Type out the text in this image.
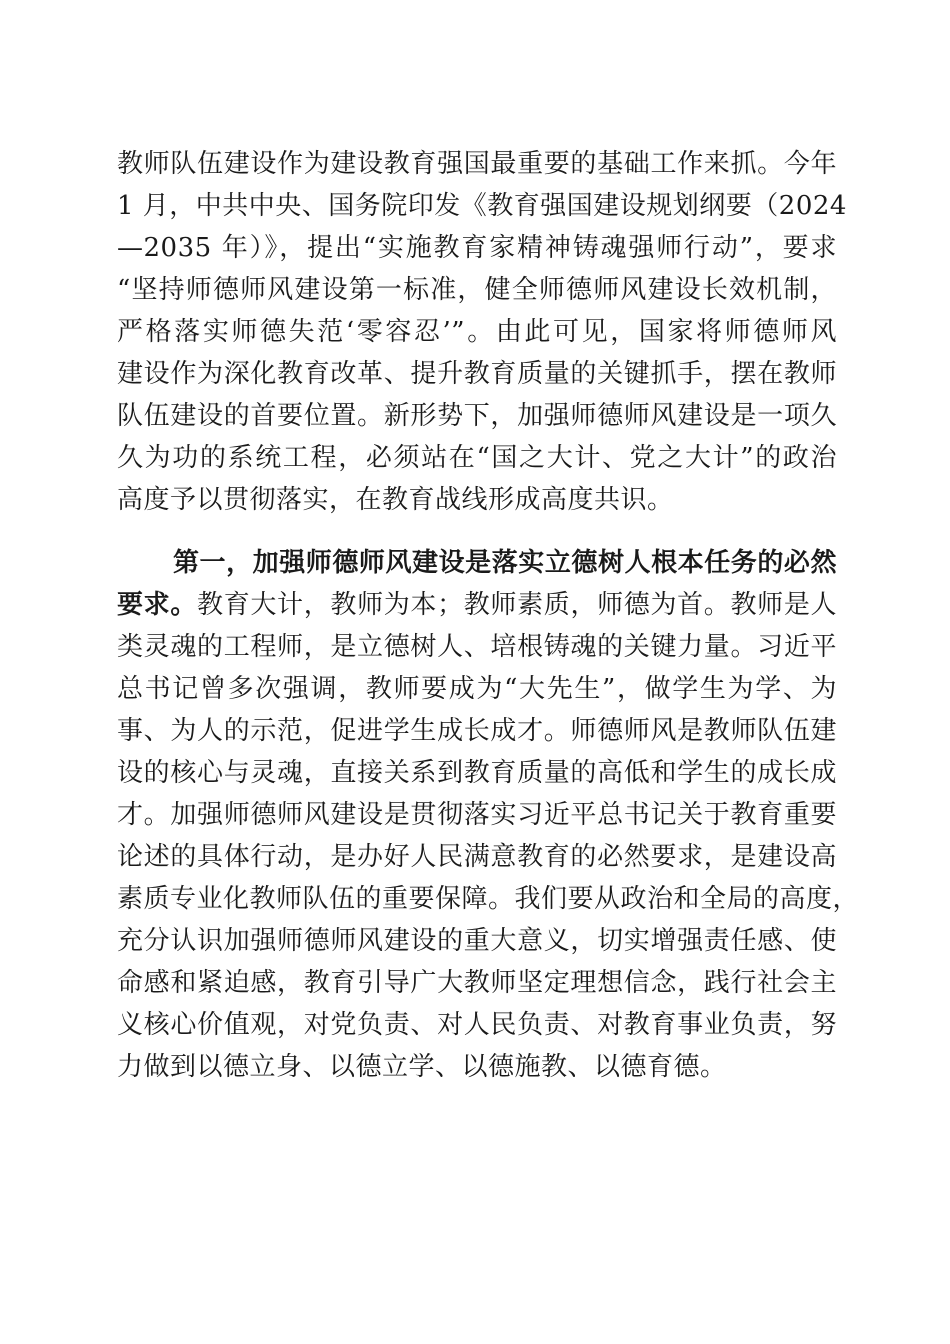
教师队伍建设作为建设教育强国最重要的基础工作来抓。今年
1 月，中共中央、国务院印发《教育强国建设规划纲要（2024
—2035 年）》，提出“实施教育家精神铸魂强师行动”，要求
“坚持师德师风建设第一标准，健全师德师风建设长效机制，
严格落实师德失范‘零容忍’”。由此可见，国家将师德师风
建设作为深化教育改革、提升教育质量的关键抓手，摆在教师
队伍建设的首要位置。新形势下，加强师德师风建设是一项久
久为功的系统工程，必须站在“国之大计、党之大计”的政治
高度予以贯彻落实，在教育战线形成高度共识。
第一，加强师德师风建设是落实立德树人根本任务的必然
要求。教育大计，教师为本；教师素质，师德为首。教师是人
类灵魂的工程师，是立德树人、培根铸魂的关键力量。习近平
总书记曾多次强调，教师要成为“大先生”，做学生为学、为
事、为人的示范，促进学生成长成才。师德师风是教师队伍建
设的核心与灵魂，直接关系到教育质量的高低和学生的成长成
才。加强师德师风建设是贯彻落实习近平总书记关于教育重要
论述的具体行动，是办好人民满意教育的必然要求，是建设高
素质专业化教师队伍的重要保障。我们要从政治和全局的高度，
充分认识加强师德师风建设的重大意义，切实增强责任感、使
命感和紧迫感，教育引导广大教师坚定理想信念，践行社会主
义核心价值观，对党负责、对人民负责、对教育事业负责，努
力做到以德立身、以德立学、以德施教、以德育德。
